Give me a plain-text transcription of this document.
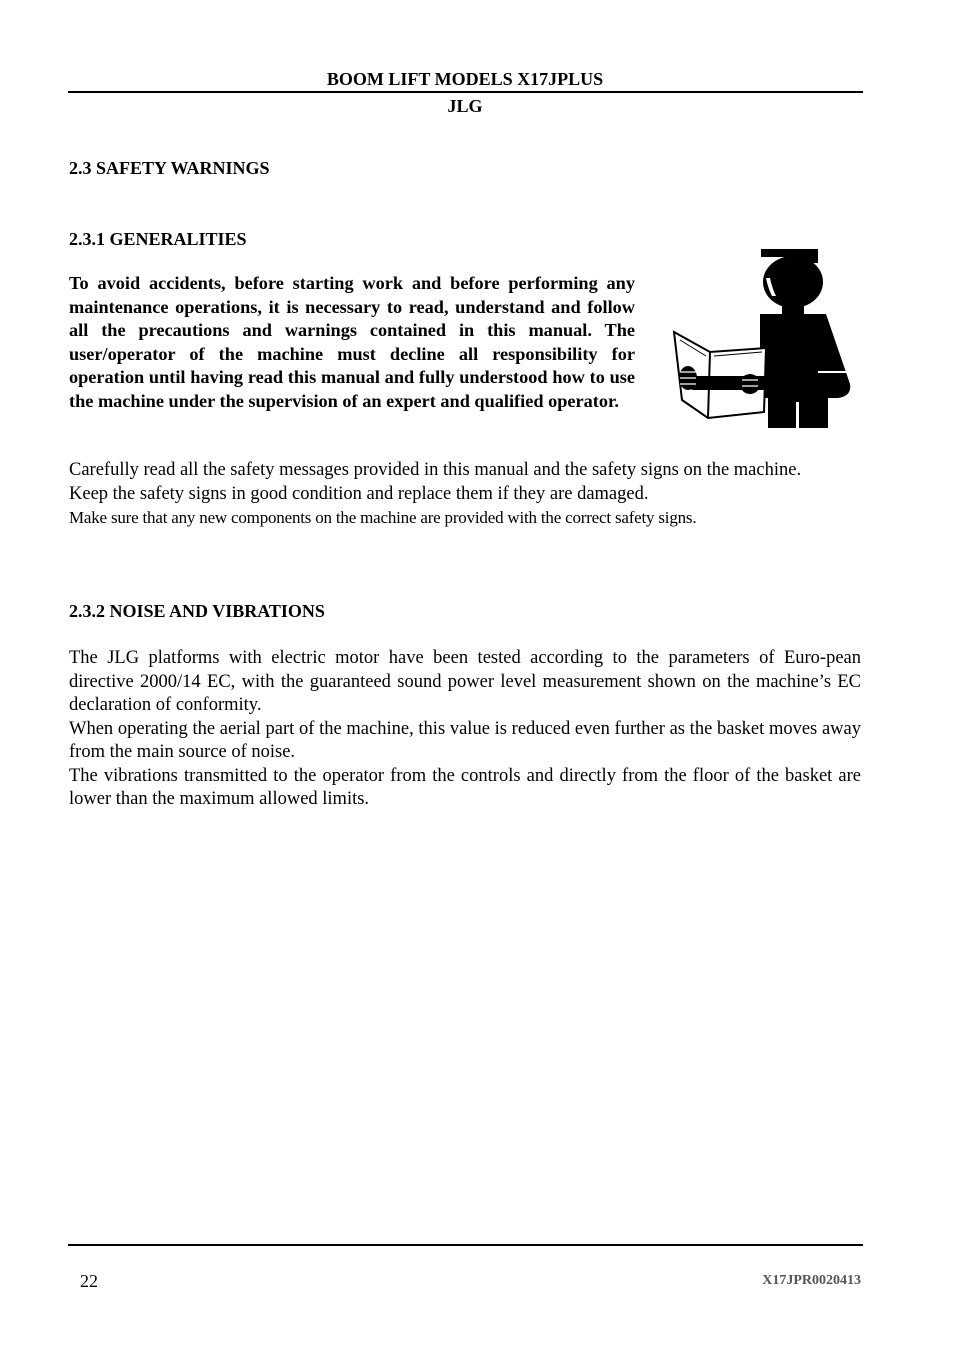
BOOM LIFT MODELS X17JPLUS
JLG
2.3 SAFETY WARNINGS
2.3.1 GENERALITIES
To avoid accidents, before starting work and before performing any maintenance operations, it is necessary to read, understand and follow all the precautions and warnings contained in this manual. The user/operator of the machine must decline all responsibility for operation until having read this manual and fully understood how to use the machine under the supervision of an expert and qualified operator.

Carefully read all the safety messages provided in this manual and the safety signs on the machine.

Keep the safety signs in good condition and replace them if they are damaged.

Make sure that any new components on the machine are provided with the correct safety signs.

2.3.2 NOISE AND VIBRATIONS

The JLG platforms with electric motor have been tested according to the parameters of Euro-pean directive 2000/14 EC, with the guaranteed sound power level measurement shown on the machine’s EC declaration of conformity.

When operating the aerial part of the machine, this value is reduced even further as the basket moves away from the main source of noise.

The vibrations transmitted to the operator from the controls and directly from the floor of the basket are lower than the maximum allowed limits.

22	X17JPR0020413
